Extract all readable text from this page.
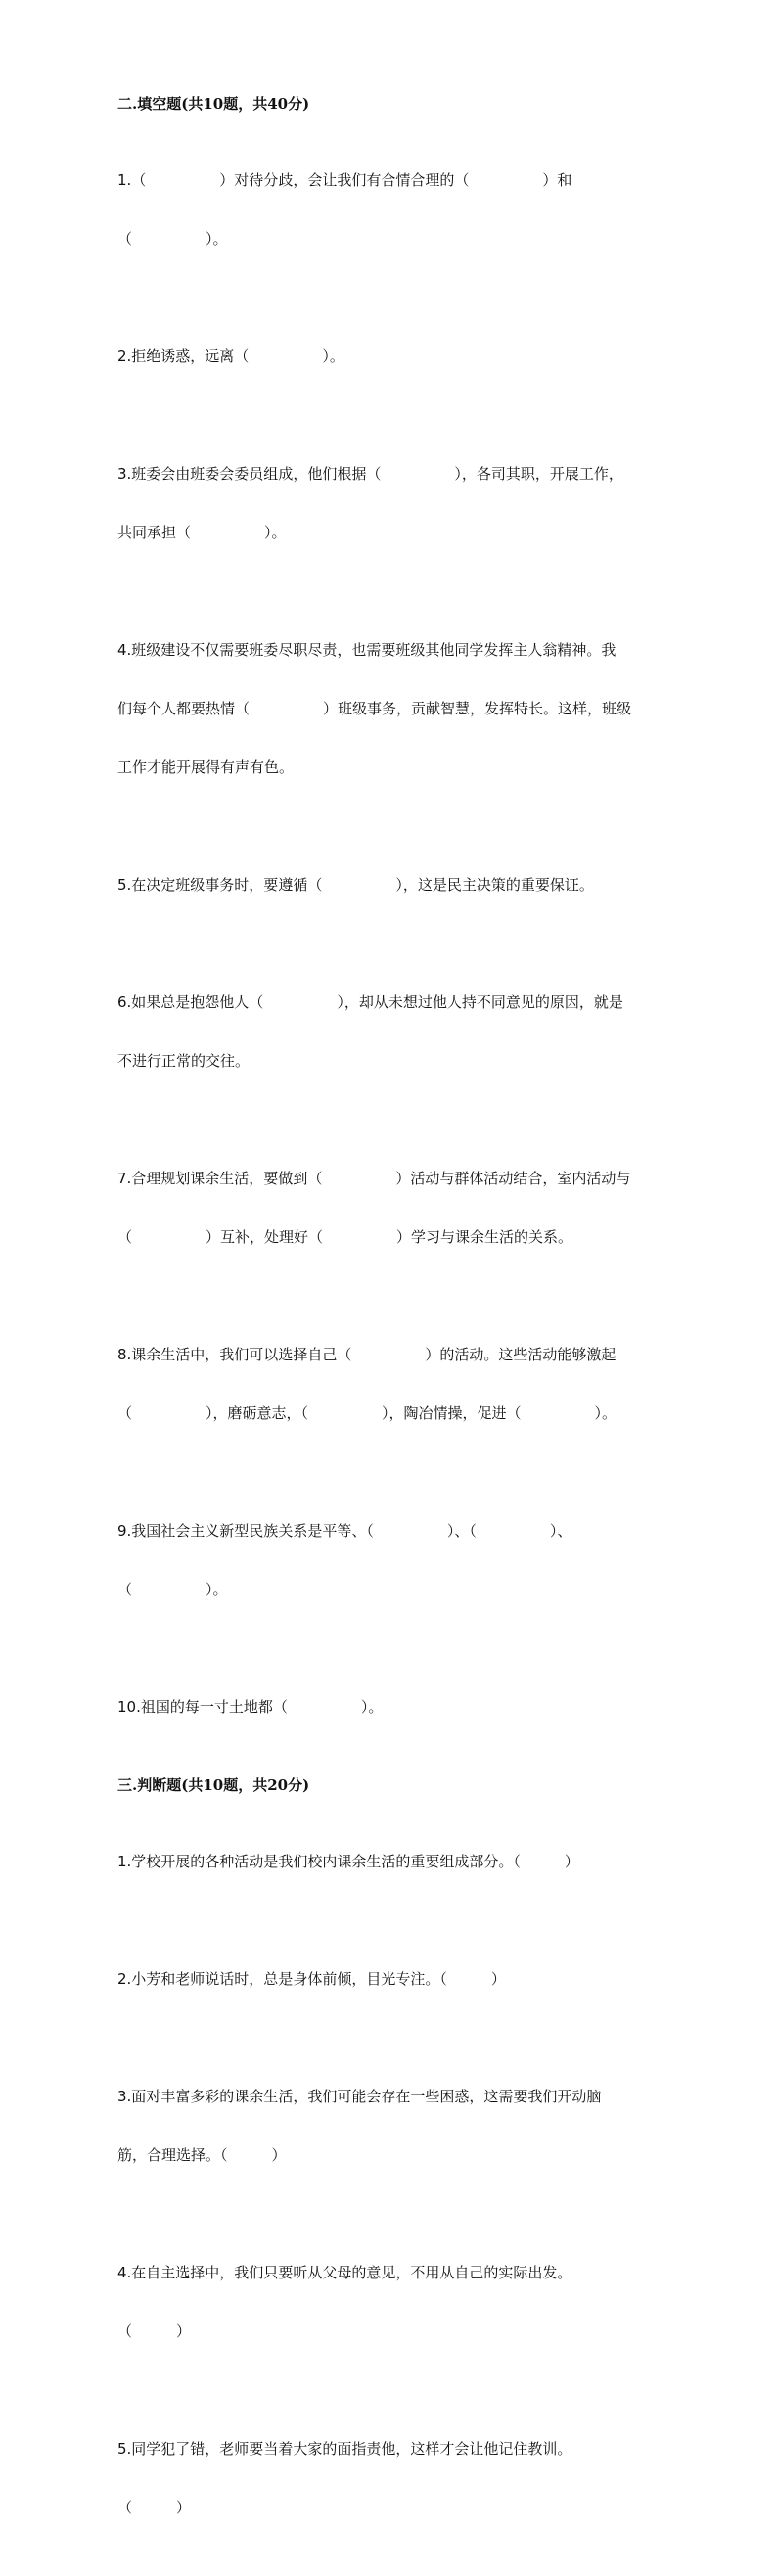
二.填空题(共10题，共40分)

1.（　　　　　）对待分歧，会让我们有合情合理的（　　　　　）和

（　　　　　）。

2.拒绝诱惑，远离（　　　　　）。

3.班委会由班委会委员组成，他们根据（　　　　　），各司其职，开展工作，

共同承担（　　　　　）。

4.班级建设不仅需要班委尽职尽责，也需要班级其他同学发挥主人翁精神。我

们每个人都要热情（　　　　　）班级事务，贡献智慧，发挥特长。这样，班级

工作才能开展得有声有色。

5.在决定班级事务时，要遵循（　　　　　），这是民主决策的重要保证。

6.如果总是抱怨他人（　　　　　），却从未想过他人持不同意见的原因，就是

不进行正常的交往。

7.合理规划课余生活，要做到（　　　　　）活动与群体活动结合，室内活动与

（　　　　　）互补，处理好（　　　　　）学习与课余生活的关系。

8.课余生活中，我们可以选择自己（　　　　　）的活动。这些活动能够激起

（　　　　　），磨砺意志，（　　　　　），陶冶情操，促进（　　　　　）。

9.我国社会主义新型民族关系是平等、（　　　　　）、（　　　　　）、

（　　　　　）。

10.祖国的每一寸土地都（　　　　　）。

三.判断题(共10题，共20分)

1.学校开展的各种活动是我们校内课余生活的重要组成部分。（　　　）

2.小芳和老师说话时，总是身体前倾，目光专注。（　　　）

3.面对丰富多彩的课余生活，我们可能会存在一些困惑，这需要我们开动脑

筋，合理选择。（　　　）

4.在自主选择中，我们只要听从父母的意见，不用从自己的实际出发。

（　　　）

5.同学犯了错，老师要当着大家的面指责他，这样才会让他记住教训。

（　　　）
